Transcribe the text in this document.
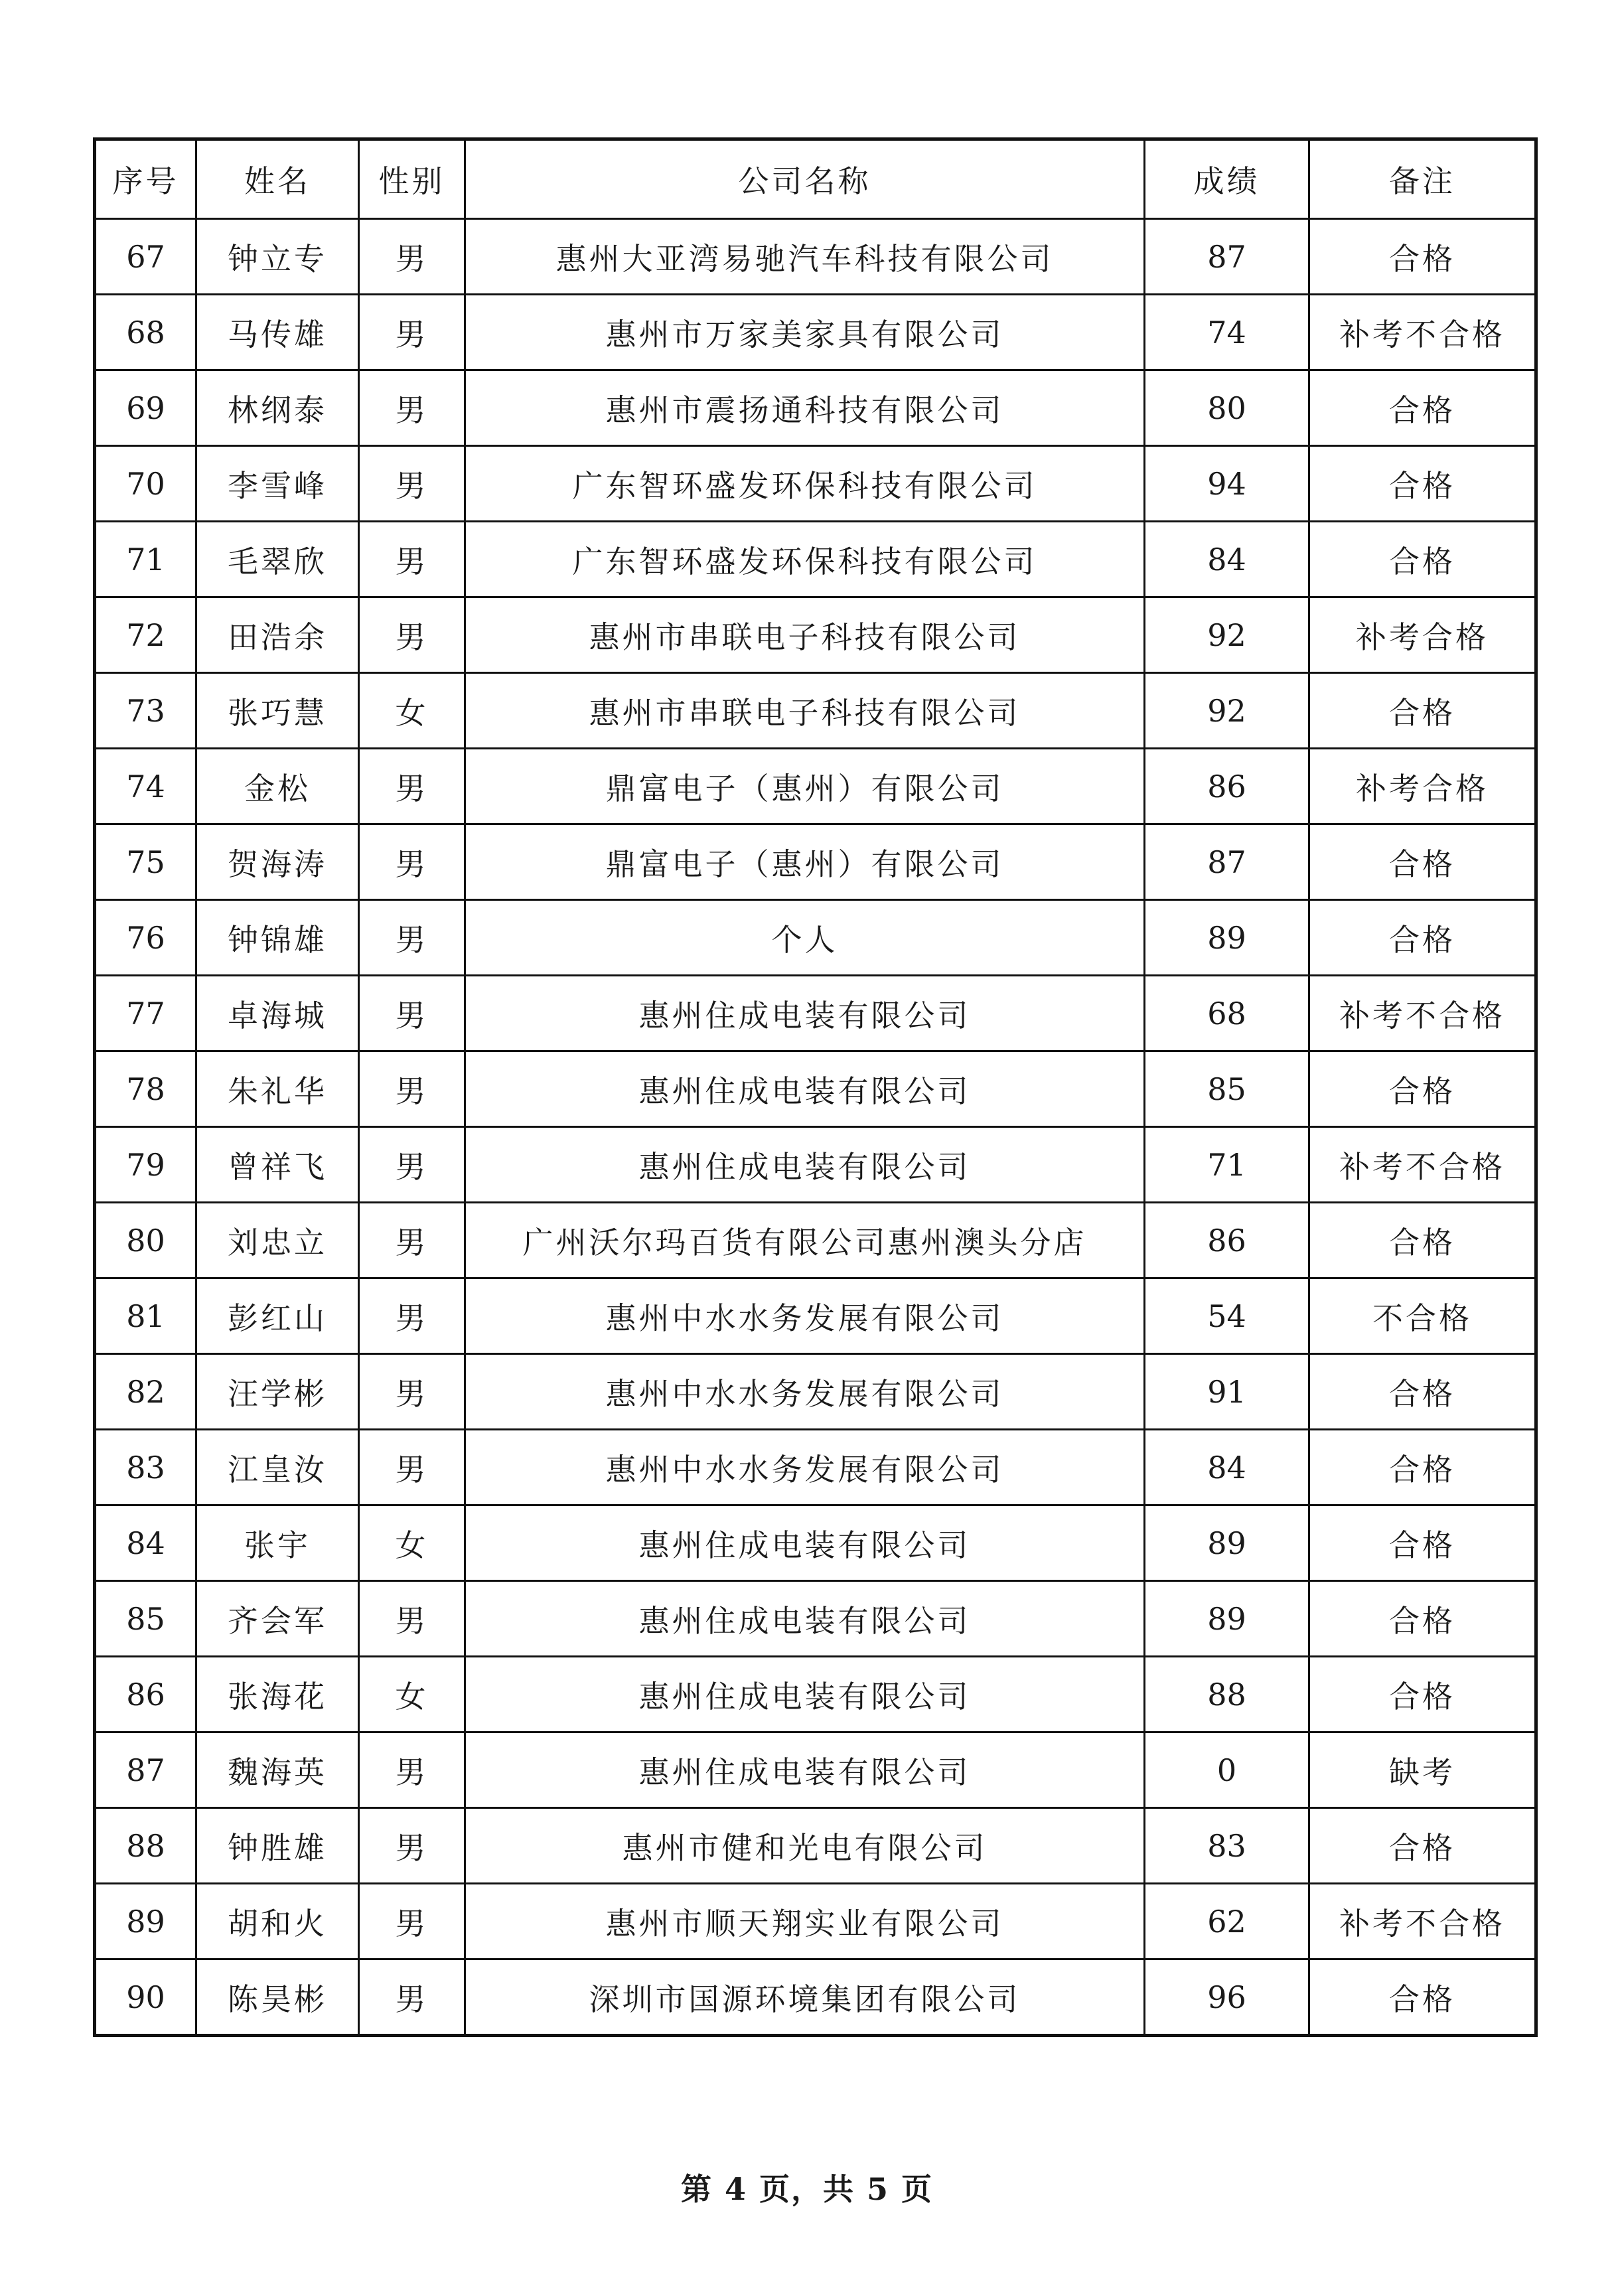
序号	姓名	性别	公司名称	成绩	备注
67	钟立专	男	惠州大亚湾易驰汽车科技有限公司	87	合格
68	马传雄	男	惠州市万家美家具有限公司	74	补考不合格
69	林纲泰	男	惠州市震扬通科技有限公司	80	合格
70	李雪峰	男	广东智环盛发环保科技有限公司	94	合格
71	毛翠欣	男	广东智环盛发环保科技有限公司	84	合格
72	田浩余	男	惠州市串联电子科技有限公司	92	补考合格
73	张巧慧	女	惠州市串联电子科技有限公司	92	合格
74	金松	男	鼎富电子（惠州）有限公司	86	补考合格
75	贺海涛	男	鼎富电子（惠州）有限公司	87	合格
76	钟锦雄	男	个人	89	合格
77	卓海城	男	惠州住成电装有限公司	68	补考不合格
78	朱礼华	男	惠州住成电装有限公司	85	合格
79	曾祥飞	男	惠州住成电装有限公司	71	补考不合格
80	刘忠立	男	广州沃尔玛百货有限公司惠州澳头分店	86	合格
81	彭红山	男	惠州中水水务发展有限公司	54	不合格
82	汪学彬	男	惠州中水水务发展有限公司	91	合格
83	江皇汝	男	惠州中水水务发展有限公司	84	合格
84	张宇	女	惠州住成电装有限公司	89	合格
85	齐会军	男	惠州住成电装有限公司	89	合格
86	张海花	女	惠州住成电装有限公司	88	合格
87	魏海英	男	惠州住成电装有限公司	0	缺考
88	钟胜雄	男	惠州市健和光电有限公司	83	合格
89	胡和火	男	惠州市顺天翔实业有限公司	62	补考不合格
90	陈昊彬	男	深圳市国源环境集团有限公司	96	合格
第 4 页，共 5 页
